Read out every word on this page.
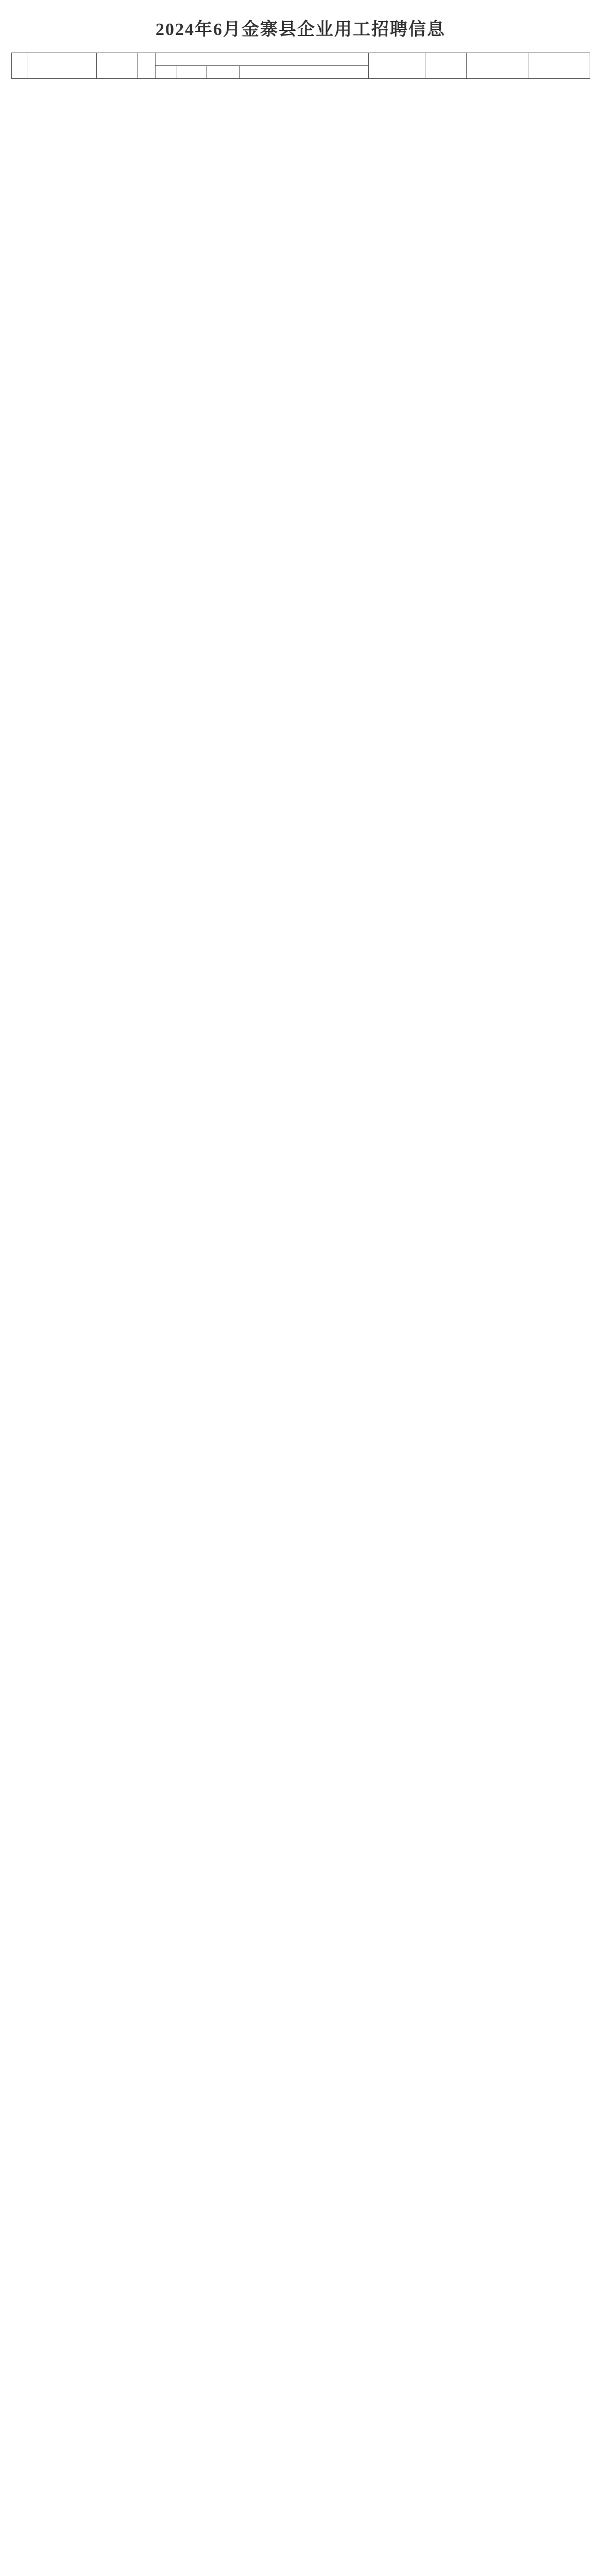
2024年6月金寨县企业用工招聘信息
